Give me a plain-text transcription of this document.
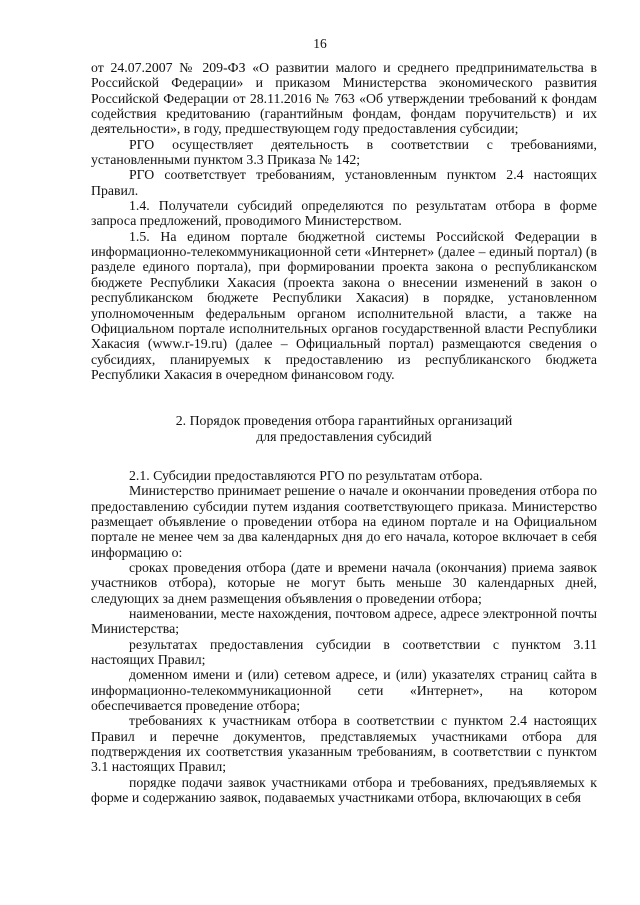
16

от 24.07.2007 № 209-ФЗ «О развитии малого и среднего предпринимательства в Российской Федерации» и приказом Министерства экономического развития Российской Федерации от 28.11.2016 № 763 «Об утверждении требований к фондам содействия кредитованию (гарантийным фондам, фондам поручительств) и их деятельности», в году, предшествующем году предоставления субсидии;

РГО осуществляет деятельность в соответствии с требованиями, установленными пунктом 3.3 Приказа № 142;

РГО соответствует требованиям, установленным пунктом 2.4 настоящих Правил.

1.4. Получатели субсидий определяются по результатам отбора в форме запроса предложений, проводимого Министерством.

1.5. На едином портале бюджетной системы Российской Федерации в информационно-телекоммуникационной сети «Интернет» (далее – единый портал) (в разделе единого портала), при формировании проекта закона о республиканском бюджете Республики Хакасия (проекта закона о внесении изменений в закон о республиканском бюджете Республики Хакасия) в порядке, установленном уполномоченным федеральным органом исполнительной власти, а также на Официальном портале исполнительных органов государственной власти Республики Хакасия (www.r-19.ru) (далее – Официальный портал) размещаются сведения о субсидиях, планируемых к предоставлению из республиканского бюджета Республики Хакасия в очередном финансовом году.

2. Порядок проведения отбора гарантийных организаций
для предоставления субсидий

2.1. Субсидии предоставляются РГО по результатам отбора.

Министерство принимает решение о начале и окончании проведения отбора по предоставлению субсидии путем издания соответствующего приказа. Министерство размещает объявление о проведении отбора на едином портале и на Официальном портале не менее чем за два календарных дня до его начала, которое включает в себя информацию о:

сроках проведения отбора (дате и времени начала (окончания) приема заявок участников отбора), которые не могут быть меньше 30 календарных дней, следующих за днем размещения объявления о проведении отбора;

наименовании, месте нахождения, почтовом адресе, адресе электронной почты Министерства;

результатах предоставления субсидии в соответствии с пунктом 3.11 настоящих Правил;

доменном имени и (или) сетевом адресе, и (или) указателях страниц сайта в информационно-телекоммуникационной сети «Интернет», на котором обеспечивается проведение отбора;

требованиях к участникам отбора в соответствии с пунктом 2.4 настоящих Правил и перечне документов, представляемых участниками отбора для подтверждения их соответствия указанным требованиям, в соответствии с пунктом 3.1 настоящих Правил;

порядке подачи заявок участниками отбора и требованиях, предъявляемых к форме и содержанию заявок, подаваемых участниками отбора, включающих в себя
